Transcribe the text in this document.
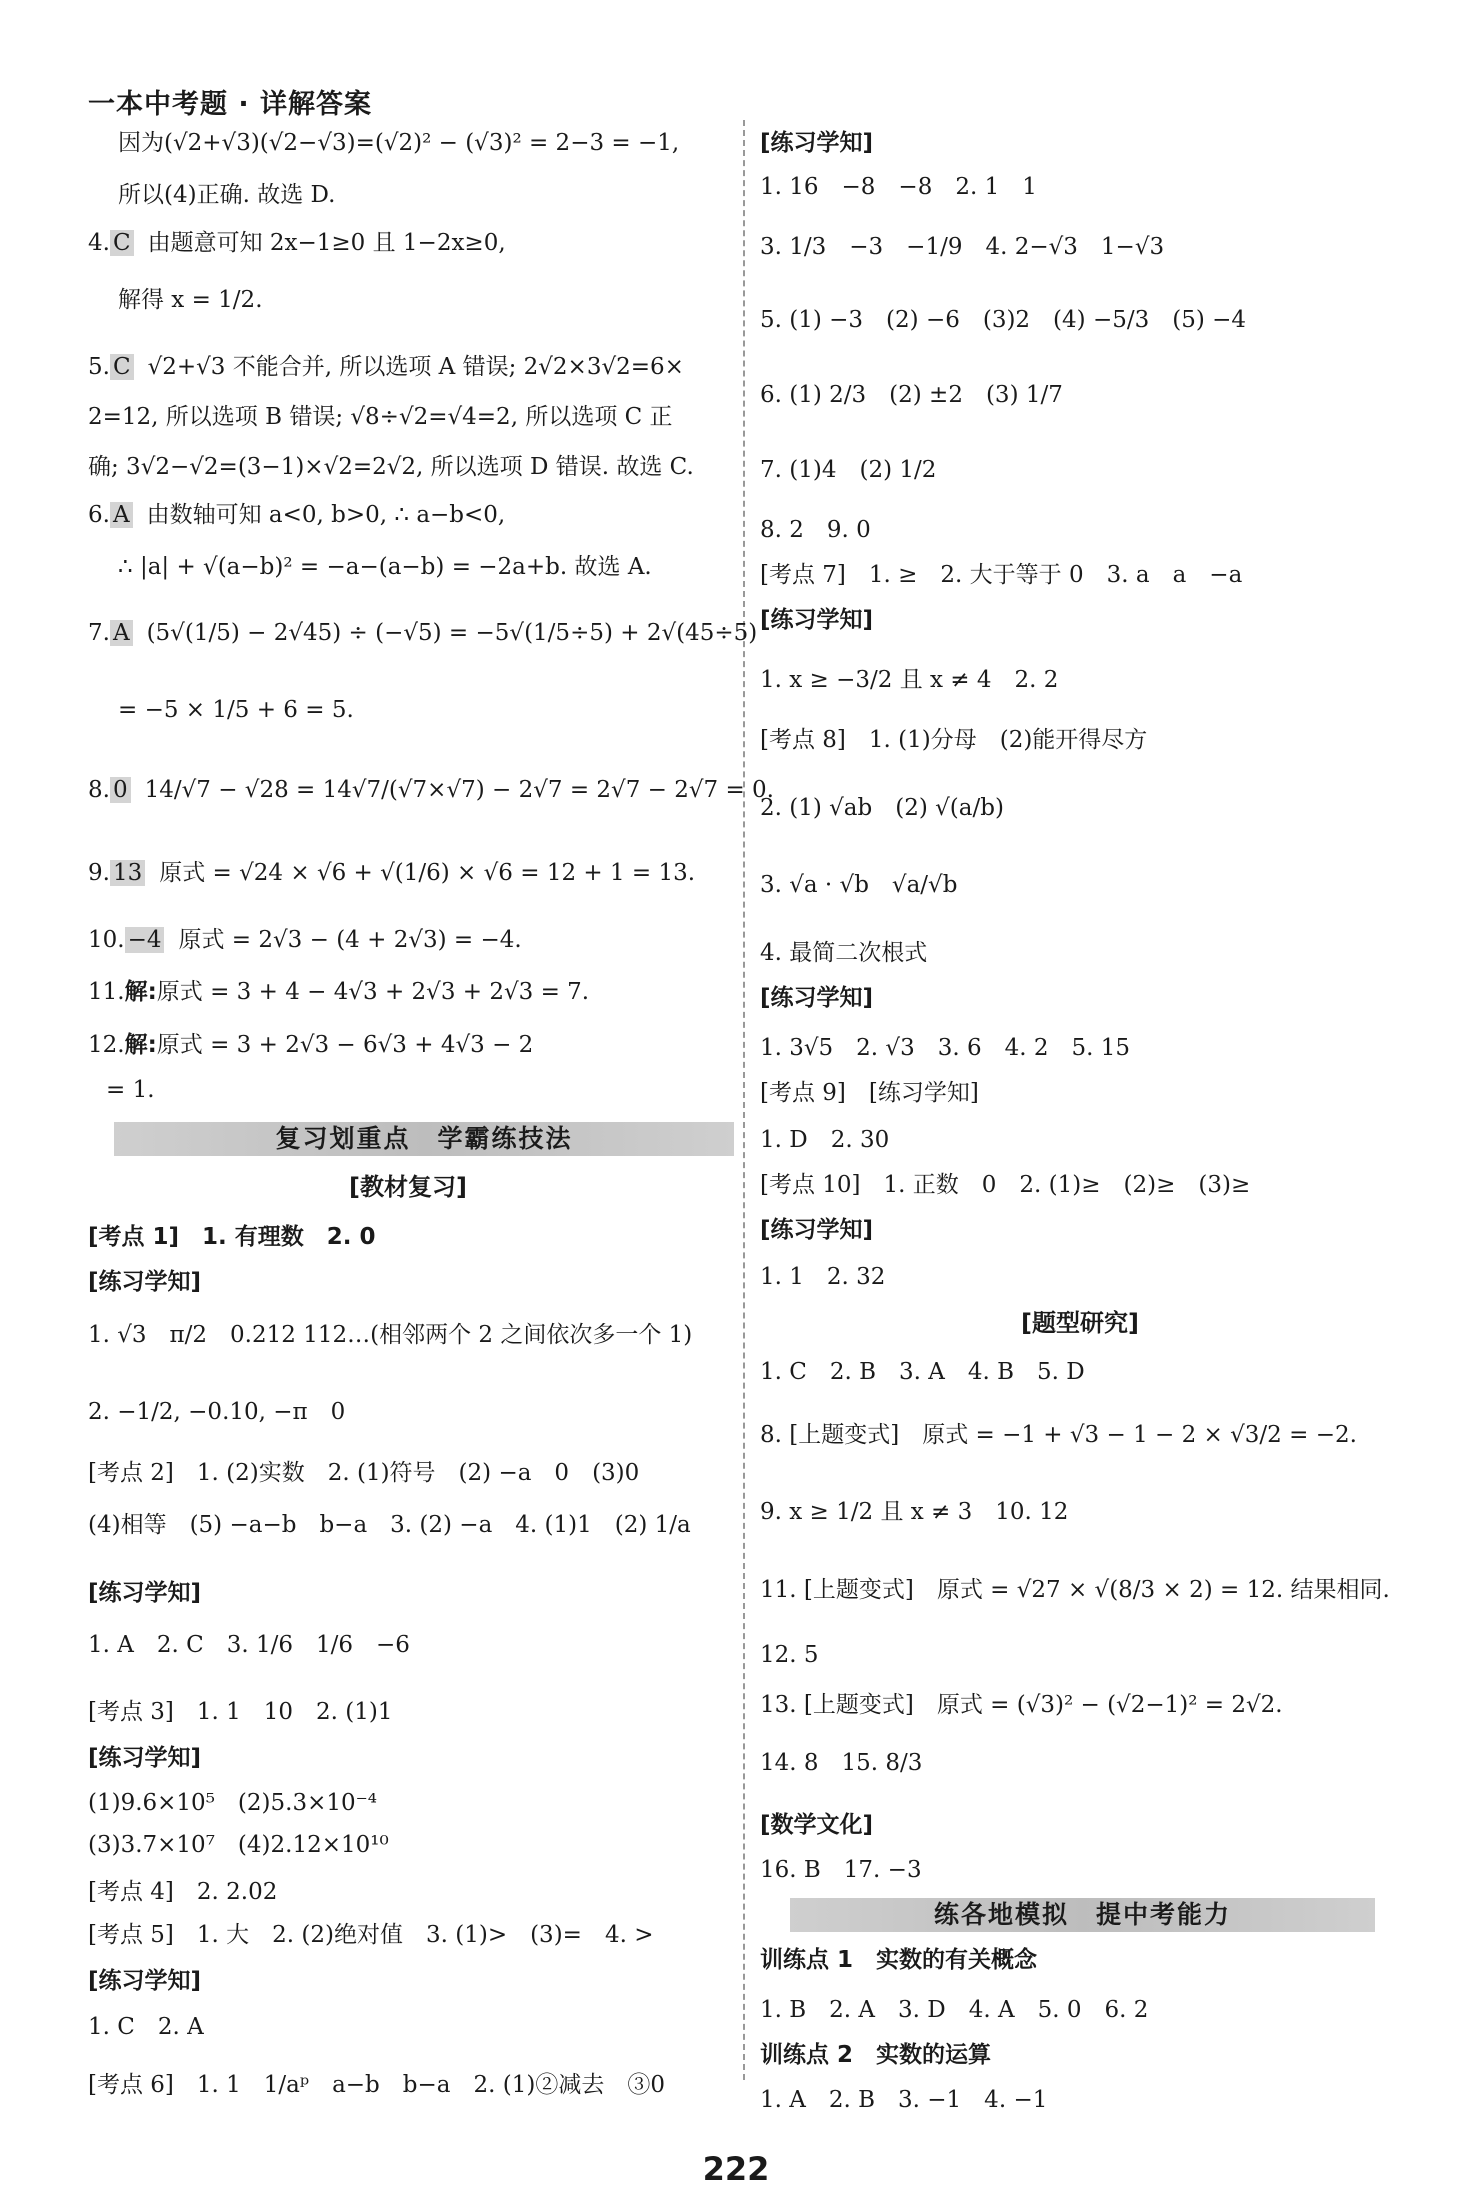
一本中考题 · 详解答案
因为(√2+√3)(√2−√3)=(√2)² − (√3)² = 2−3 = −1,
所以(4)正确. 故选 D.
4. C 由题意可知 2x−1≥0 且 1−2x≥0,
解得 x = 1/2.
5. C √2+√3 不能合并, 所以选项 A 错误; 2√2×3√2=6×
2=12, 所以选项 B 错误; √8÷√2=√4=2, 所以选项 C 正
确; 3√2−√2=(3−1)×√2=2√2, 所以选项 D 错误. 故选 C.
6. A 由数轴可知 a<0, b>0, ∴ a−b<0,
∴ |a| + √(a−b)² = −a−(a−b) = −2a+b. 故选 A.
7. A (5√(1/5) − 2√45) ÷ (−√5) = −5√(1/5÷5) + 2√(45÷5)
= −5 × 1/5 + 6 = 5.
8. 0 14/√7 − √28 = 14√7/(√7×√7) − 2√7 = 2√7 − 2√7 = 0.
9. 13 原式 = √24 × √6 + √(1/6) × √6 = 12 + 1 = 13.
10. −4 原式 = 2√3 − (4 + 2√3) = −4.
11.解:原式 = 3 + 4 − 4√3 + 2√3 + 2√3 = 7.
12.解:原式 = 3 + 2√3 − 6√3 + 4√3 − 2
= 1.
复习划重点　学霸练技法
[教材复习]
[考点 1]　1. 有理数　2. 0
[练习学知]
1. √3　π/2　0.212 112…(相邻两个 2 之间依次多一个 1)
2. −1/2, −0.10, −π　0
[考点 2]　1. (2)实数　2. (1)符号　(2) −a　0　(3)0
(4)相等　(5) −a−b　b−a　3. (2) −a　4. (1)1　(2) 1/a
[练习学知]
1. A　2. C　3. 1/6　1/6　−6
[考点 3]　1. 1　10　2. (1)1
[练习学知]
(1)9.6×10⁵　(2)5.3×10⁻⁴
(3)3.7×10⁷　(4)2.12×10¹⁰
[考点 4]　2. 2.02
[考点 5]　1. 大　2. (2)绝对值　3. (1)>　(3)=　4. >
[练习学知]
1. C　2. A
[考点 6]　1. 1　1/aᵖ　a−b　b−a　2. (1)②减去　③0
[练习学知]
1. 16　−8　−8　2. 1　1
3. 1/3　−3　−1/9　4. 2−√3　1−√3
5. (1) −3　(2) −6　(3)2　(4) −5/3　(5) −4
6. (1) 2/3　(2) ±2　(3) 1/7
7. (1)4　(2) 1/2
8. 2　9. 0
[考点 7]　1. ≥　2. 大于等于 0　3. a　a　−a
[练习学知]
1. x ≥ −3/2 且 x ≠ 4　2. 2
[考点 8]　1. (1)分母　(2)能开得尽方
2. (1) √ab　(2) √(a/b)
3. √a · √b　√a/√b
4. 最简二次根式
[练习学知]
1. 3√5　2. √3　3. 6　4. 2　5. 15
[考点 9]　[练习学知]
1. D　2. 30
[考点 10]　1. 正数　0　2. (1)≥　(2)≥　(3)≥
[练习学知]
1. 1　2. 32
[题型研究]
1. C　2. B　3. A　4. B　5. D
8. [上题变式]　原式 = −1 + √3 − 1 − 2 × √3/2 = −2.
9. x ≥ 1/2 且 x ≠ 3　10. 12
11. [上题变式]　原式 = √27 × √(8/3 × 2) = 12. 结果相同.
12. 5
13. [上题变式]　原式 = (√3)² − (√2−1)² = 2√2.
14. 8　15. 8/3
[数学文化]
16. B　17. −3
练各地模拟　提中考能力
训练点 1　实数的有关概念
1. B　2. A　3. D　4. A　5. 0　6. 2
训练点 2　实数的运算
1. A　2. B　3. −1　4. −1
222
